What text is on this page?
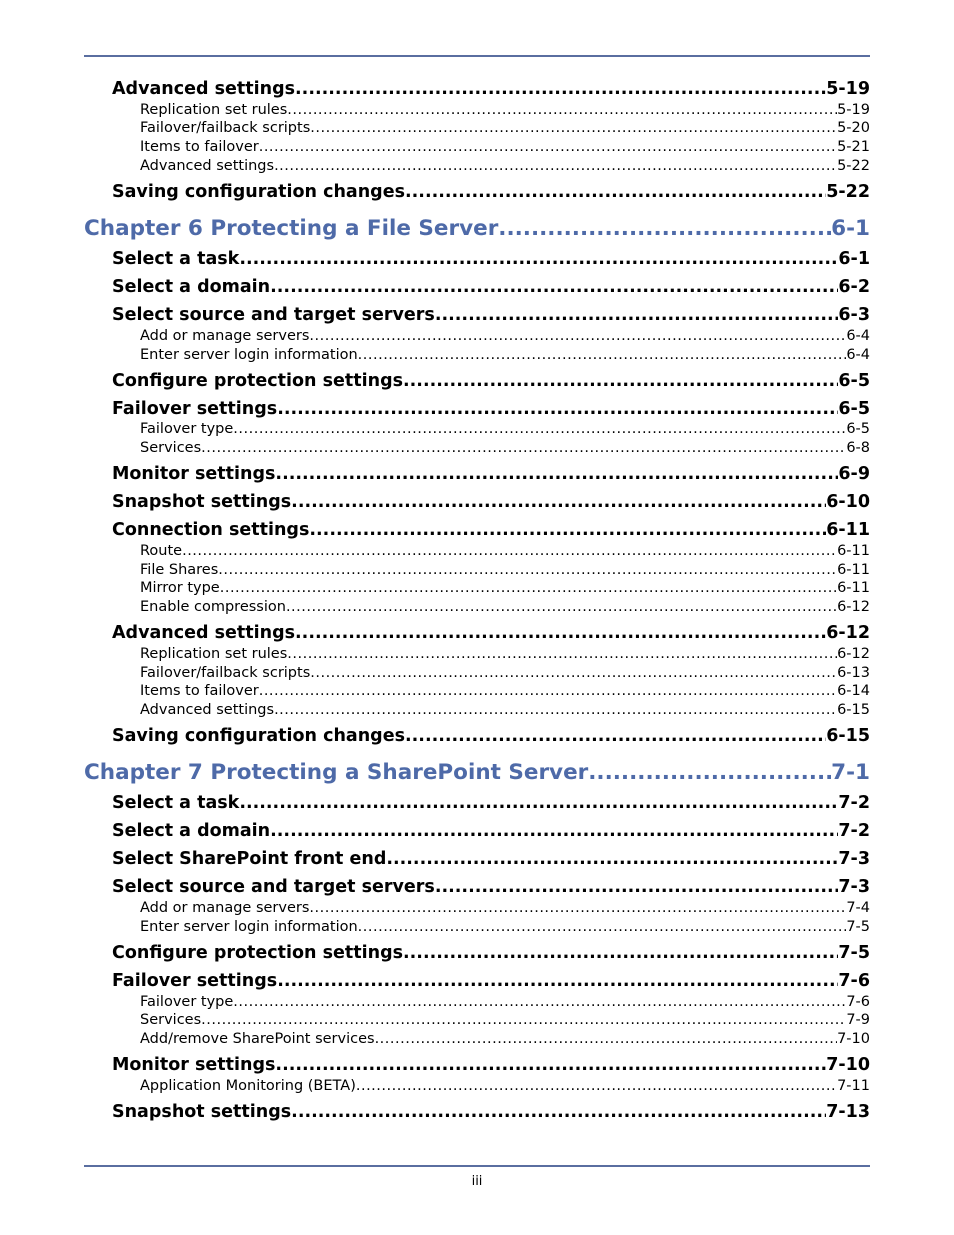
Advanced settings .....	5-19
Replication set rules .....	5-19
Failover/failback scripts .....	5-20
Items to failover .....	5-21
Advanced settings .....	5-22
Saving configuration changes .....	5-22
Chapter 6 Protecting a File Server .....	6-1
Select a task .....	6-1
Select a domain .....	6-2
Select source and target servers .....	6-3
Add or manage servers .....	6-4
Enter server login information .....	6-4
Configure protection settings .....	6-5
Failover settings .....	6-5
Failover type .....	6-5
Services .....	6-8
Monitor settings .....	6-9
Snapshot settings .....	6-10
Connection settings .....	6-11
Route .....	6-11
File Shares .....	6-11
Mirror type .....	6-11
Enable compression .....	6-12
Advanced settings .....	6-12
Replication set rules .....	6-12
Failover/failback scripts .....	6-13
Items to failover .....	6-14
Advanced settings .....	6-15
Saving configuration changes .....	6-15
Chapter 7 Protecting a SharePoint Server .....	7-1
Select a task .....	7-2
Select a domain .....	7-2
Select SharePoint front end .....	7-3
Select source and target servers .....	7-3
Add or manage servers .....	7-4
Enter server login information .....	7-5
Configure protection settings .....	7-5
Failover settings .....	7-6
Failover type .....	7-6
Services .....	7-9
Add/remove SharePoint services .....	7-10
Monitor settings .....	7-10
Application Monitoring (BETA) .....	7-11
Snapshot settings .....	7-13
iii
